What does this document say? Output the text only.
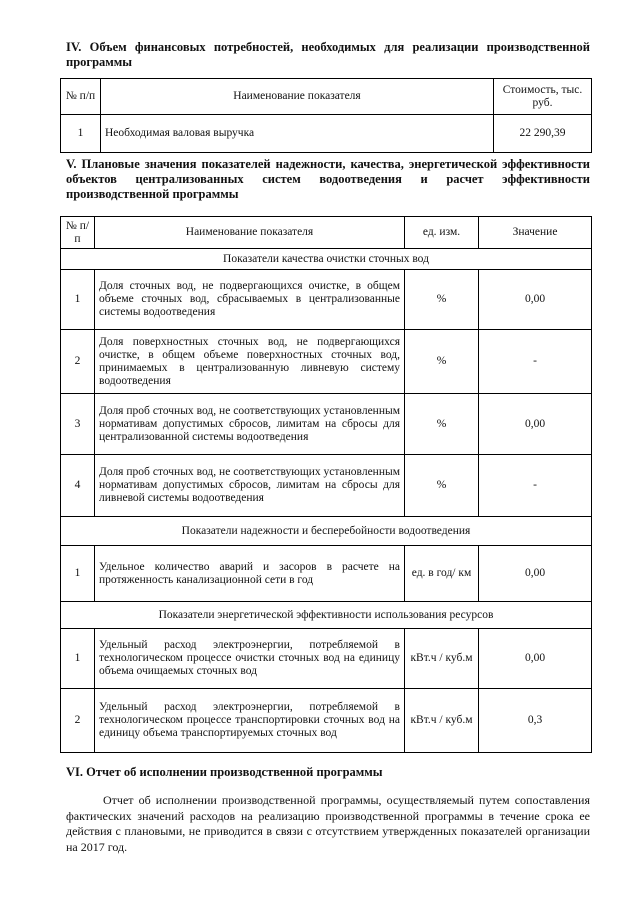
IV. Объем финансовых потребностей, необходимых для реализации производственной программы
№ п/п	Наименование показателя	Стоимость, тыс. руб.
1	Необходимая валовая выручка	22 290,39
V. Плановые значения показателей надежности, качества, энергетической эффективности объектов централизованных систем водоотведения и расчет эффективности производственной программы
№ п/п	Наименование показателя	ед. изм.	Значение
Показатели качества очистки сточных вод			
1	Доля сточных вод, не подвергающихся очистке, в общем объеме сточных вод, сбрасываемых в централизованные системы водоотведения	%	0,00
2	Доля поверхностных сточных вод, не подвергающихся очистке, в общем объеме поверхностных сточных вод, принимаемых в централизованную ливневую систему водоотведения	%	-
3	Доля проб сточных вод, не соответствующих установленным нормативам допустимых сбросов, лимитам на сбросы для централизованной системы водоотведения	%	0,00
4	Доля проб сточных вод, не соответствующих установленным нормативам допустимых сбросов, лимитам на сбросы для ливневой системы водоотведения	%	-
Показатели надежности и бесперебойности водоотведения			
1	Удельное количество аварий и засоров в расчете на протяженность канализационной сети в год	ед. в год/ км	0,00
Показатели энергетической эффективности использования ресурсов			
1	Удельный расход электроэнергии, потребляемой в технологическом процессе очистки сточных вод на единицу объема очищаемых сточных вод	кВт.ч / куб.м	0,00
2	Удельный расход электроэнергии, потребляемой в технологическом процессе транспортировки сточных вод на единицу объема транспортируемых сточных вод	кВт.ч / куб.м	0,3
VI. Отчет об исполнении производственной программы
Отчет об исполнении производственной программы, осуществляемый путем сопоставления фактических значений расходов на реализацию производственной программы в течение срока ее действия с плановыми, не приводится в связи с отсутствием утвержденных показателей организации на 2017 год.
